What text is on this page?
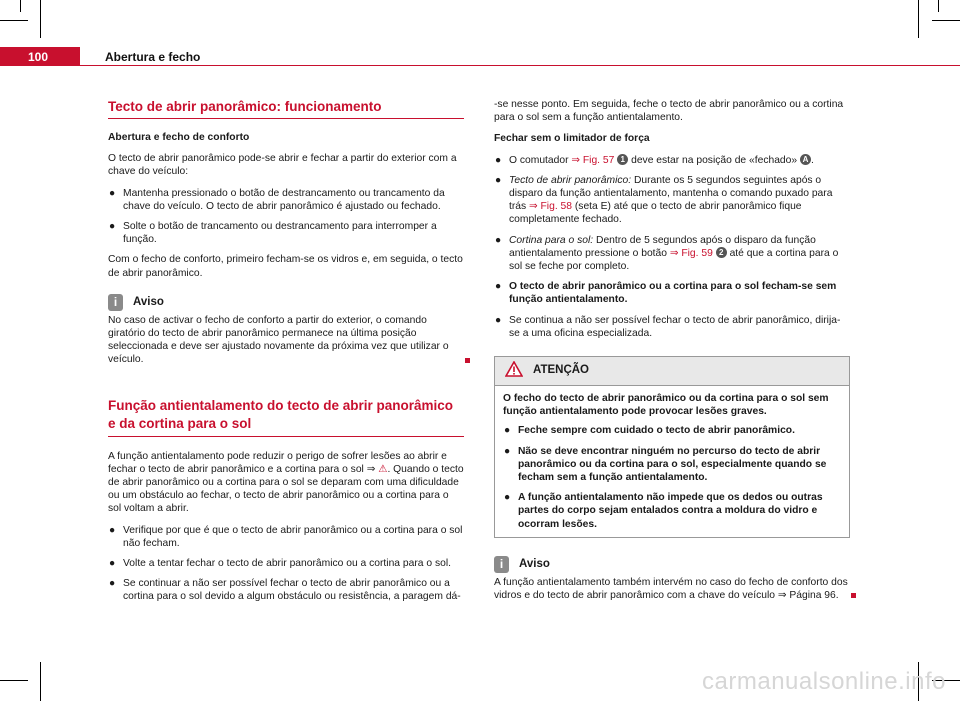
100	Abertura e fecho
Tecto de abrir panorâmico: funcionamento

Abertura e fecho de conforto

O tecto de abrir panorâmico pode-se abrir e fechar a partir do exterior com a chave do veículo:

● Mantenha pressionado o botão de destrancamento ou trancamento da chave do veículo. O tecto de abrir panorâmico é ajustado ou fechado.
● Solte o botão de trancamento ou destrancamento para interromper a função.

Com o fecho de conforto, primeiro fecham-se os vidros e, em seguida, o tecto de abrir panorâmico.

i	Aviso
No caso de activar o fecho de conforto a partir do exterior, o comando giratório do tecto de abrir panorâmico permanece na última posição seleccionada e deve ser ajustado novamente da próxima vez que utilizar o veículo.
Função antientalamento do tecto de abrir panorâmico e da cortina para o sol

A função antientalamento pode reduzir o perigo de sofrer lesões ao abrir e fechar o tecto de abrir panorâmico e a cortina para o sol ⇒ ⚠. Quando o tecto de abrir panorâmico ou a cortina para o sol se deparam com uma dificuldade ou um obstáculo ao fechar, o tecto de abrir panorâmico ou a cortina para o sol voltam a abrir.

● Verifique por que é que o tecto de abrir panorâmico ou a cortina para o sol não fecham.
● Volte a tentar fechar o tecto de abrir panorâmico ou a cortina para o sol.
● Se continuar a não ser possível fechar o tecto de abrir panorâmico ou a cortina para o sol devido a algum obstáculo ou resistência, a paragem dá-

-se nesse ponto. Em seguida, feche o tecto de abrir panorâmico ou a cortina para o sol sem a função antientalamento.

Fechar sem o limitador de força

● O comutador ⇒ Fig. 57 1 deve estar na posição de «fechado» A .
● Tecto de abrir panorâmico: Durante os 5 segundos seguintes após o disparo da função antientalamento, mantenha o comando puxado para trás ⇒ Fig. 58 (seta E) até que o tecto de abrir panorâmico fique completamente fechado.
● Cortina para o sol: Dentro de 5 segundos após o disparo da função antientalamento pressione o botão ⇒ Fig. 59 2 até que a cortina para o sol se feche por completo.
● O tecto de abrir panorâmico ou a cortina para o sol fecham-se sem função antientalamento.
● Se continua a não ser possível fechar o tecto de abrir panorâmico, dirija-se a uma oficina especializada.
ATENÇÃO

O fecho do tecto de abrir panorâmico ou da cortina para o sol sem função antientalamento pode provocar lesões graves.

● Feche sempre com cuidado o tecto de abrir panorâmico.
● Não se deve encontrar ninguém no percurso do tecto de abrir panorâmico ou da cortina para o sol, especialmente quando se fecham sem a função antientalamento.
● A função antientalamento não impede que os dedos ou outras partes do corpo sejam entalados contra a moldura do vidro e ocorram lesões.
i	Aviso
A função antientalamento também intervém no caso do fecho de conforto dos vidros e do tecto de abrir panorâmico com a chave do veículo ⇒ Página 96.
carmanualsonline.info
